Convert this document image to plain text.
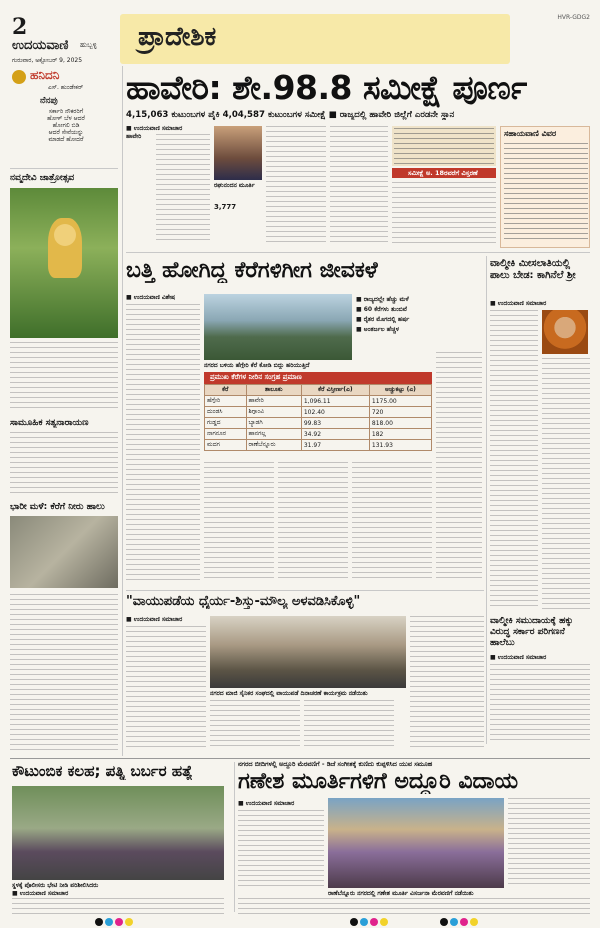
2
ಉದಯವಾಣಿ ಹುಬ್ಬಳ್ಳಿ
ಗುರುವಾರ, ಅಕ್ಟೋಬರ್ 9, 2025
ಪ್ರಾದೇಶಿಕ
HVR-GDG2
ಹನಿದನಿ
ಎಸ್. ಹುಂಡೇಕರ್
ನೆನಪು
ಸರ್ಕಾರಿ ನೌಕರರಿಗೆ
ಹೋಳ್ ಬೆಳ ಆದರೆ
ಹೋಗಲಿ ಬಿಡಿ
ಆದರೆ ಸೇವೆಯನ್ನು
ಮಾಡದೆ ಹೋದರೆ
ನವ್ಮದೇವಿ ಜಾತ್ರೋತ್ಸವ
ಸಾಮೂಹಿಕ ಸತ್ಯನಾರಾಯಣ
ಭಾರೀ ಮಳೆ: ಕೆರೆಗೆ ನೀರು ಹಾಲು
ಹಾವೇರಿ: ಶೇ.98.8 ಸಮೀಕ್ಷೆ ಪೂರ್ಣ
4,15,063 ಕುಟುಂಬಗಳ ಪೈಕಿ 4,04,587 ಕುಟುಂಬಗಳ ಸಮೀಕ್ಷೆ ■ ರಾಜ್ಯದಲ್ಲಿ ಹಾವೇರಿ ಜಿಲ್ಲೆಗೆ ಎರಡನೇ ಸ್ಥಾನ
■ ಉದಯವಾಣಿ ಸಮಾಚಾರ
ಹಾವೇರಿ
ರಘುನಂದನ ಮೂರ್ತಿ
3,777
ಸಹಾಯವಾಣಿ ವಿವರ
ಸಮೀಕ್ಷೆ ಅ. 18ರವರೆಗೆ ವಿಸ್ತರಣೆ
ಬತ್ತಿ ಹೋಗಿದ್ದ ಕೆರೆಗಳಿಗೀಗ ಜೀವಕಳೆ
■ ಉದಯವಾಣಿ ವಿಶೇಷ
ನಗರದ ಬಳಿಯ ಹೆಗ್ಗೇರಿ ಕೆರೆ ಕೋಡಿ ಬಿದ್ದು ಹರಿಯುತ್ತಿದೆ
■ ರಾಜ್ಯದಲ್ಲೇ ಹೆಚ್ಚು ಮಳೆ
■ 60 ಕೆರೆಗಳು ತುಂಬಿವೆ
■ ರೈತರ ಮೊಗದಲ್ಲಿ ಹರ್ಷ
■ ಅಂತರ್ಜಲ ಹೆಚ್ಚಳ
ಪ್ರಮುಖ ಕೆರೆಗಳ ನೀರಿನ ಸಂಗ್ರಹ ಪ್ರಮಾಣ
ಕೆರೆ	ತಾಲೂಕು	ಕೆರೆ ವಿಸ್ತೀರ್ಣ(ಎ)	ಅಚ್ಚುಕಟ್ಟು (ಎ)
ಹೆಗ್ಗೇರಿ	ಹಾವೇರಿ	1,096.11	1175.00
ದುಂಡಸಿ	ಶಿಗ್ಗಾಂವಿ	102.40	720
ಗುಡ್ಡದ	ಬ್ಯಾಡಗಿ	99.83	818.00
ನಾಗನೂರ	ಹಾನಗಲ್ಲ	34.92	182
ಮದಗ	ರಾಣೆಬೆನ್ನೂರು	31.97	131.93
ವಾಲ್ಮೀಕಿ ಮೀಸಲಾತಿಯಲ್ಲಿ ಪಾಲು ಬೇಡ: ಕಾಗಿನೆಲೆ ಶ್ರೀ
■ ಉದಯವಾಣಿ ಸಮಾಚಾರ
ವಾಲ್ಮೀಕಿ ಸಮುದಾಯಕ್ಕೆ ಹಕ್ಕು ವಿರುದ್ಧ ಸರ್ಕಾರ ಪರಿಗಣನೆ ಹಾಲೆಬು
■ ಉದಯವಾಣಿ ಸಮಾಚಾರ
"ವಾಯುಪಡೆಯ ಧೈರ್ಯ-ಶಿಸ್ತು-ಮೌಲ್ಯ ಅಳವಡಿಸಿಕೊಳ್ಳಿ"
■ ಉದಯವಾಣಿ ಸಮಾಚಾರ
ನಗರದ ಮಾಜಿ ಸೈನಿಕರ ಸಂಘದಲ್ಲಿ ವಾಯುಪಡೆ ದಿನಾಚರಣೆ ಕಾರ್ಯಕ್ರಮ ನಡೆಯಿತು
ಕೌಟುಂಬಿಕ ಕಲಹ; ಪತ್ನಿ ಬರ್ಬರ ಹತ್ಯೆ
ಸ್ಥಳಕ್ಕೆ ಪೊಲೀಸರು ಭೇಟಿ ನೀಡಿ ಪರಿಶೀಲಿಸಿದರು
■ ಉದಯವಾಣಿ ಸಮಾಚಾರ
ನಗರದ ಬೀದಿಗಳಲ್ಲಿ ಅದ್ದೂರಿ ಮೆರವಣಿಗೆ - ಡಿಜೆ ಸಂಗೀತಕ್ಕೆ ಕುಣಿದು ಕುಪ್ಪಳಿಸಿದ ಯುವ ಸಮೂಹ
ಗಣೇಶ ಮೂರ್ತಿಗಳಿಗೆ ಅದ್ದೂರಿ ವಿದಾಯ
■ ಉದಯವಾಣಿ ಸಮಾಚಾರ
ರಾಣೆಬೆನ್ನೂರು ನಗರದಲ್ಲಿ ಗಣೇಶ ಮೂರ್ತಿ ವಿಸರ್ಜನಾ ಮೆರವಣಿಗೆ ನಡೆಯಿತು
